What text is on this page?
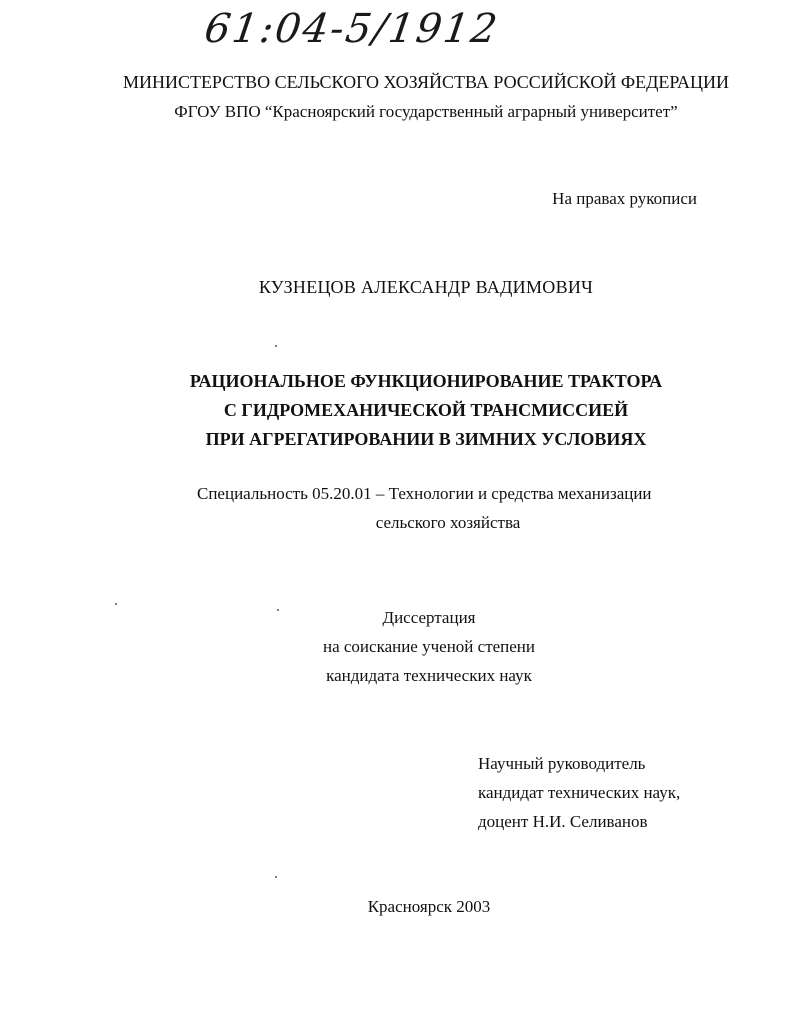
61:04-5/1912
МИНИСТЕРСТВО СЕЛЬСКОГО ХОЗЯЙСТВА РОССИЙСКОЙ ФЕДЕРАЦИИ
ФГОУ ВПО “Красноярский государственный аграрный университет”
На правах рукописи
КУЗНЕЦОВ АЛЕКСАНДР ВАДИМОВИЧ
РАЦИОНАЛЬНОЕ ФУНКЦИОНИРОВАНИЕ ТРАКТОРА
С ГИДРОМЕХАНИЧЕСКОЙ ТРАНСМИССИЕЙ
ПРИ АГРЕГАТИРОВАНИИ В ЗИМНИХ УСЛОВИЯХ
Специальность 05.20.01 – Технологии и средства механизации
сельского хозяйства
Диссертация
на соискание ученой степени
кандидата технических наук
Научный руководитель
кандидат технических наук,
доцент Н.И. Селиванов
Красноярск 2003
